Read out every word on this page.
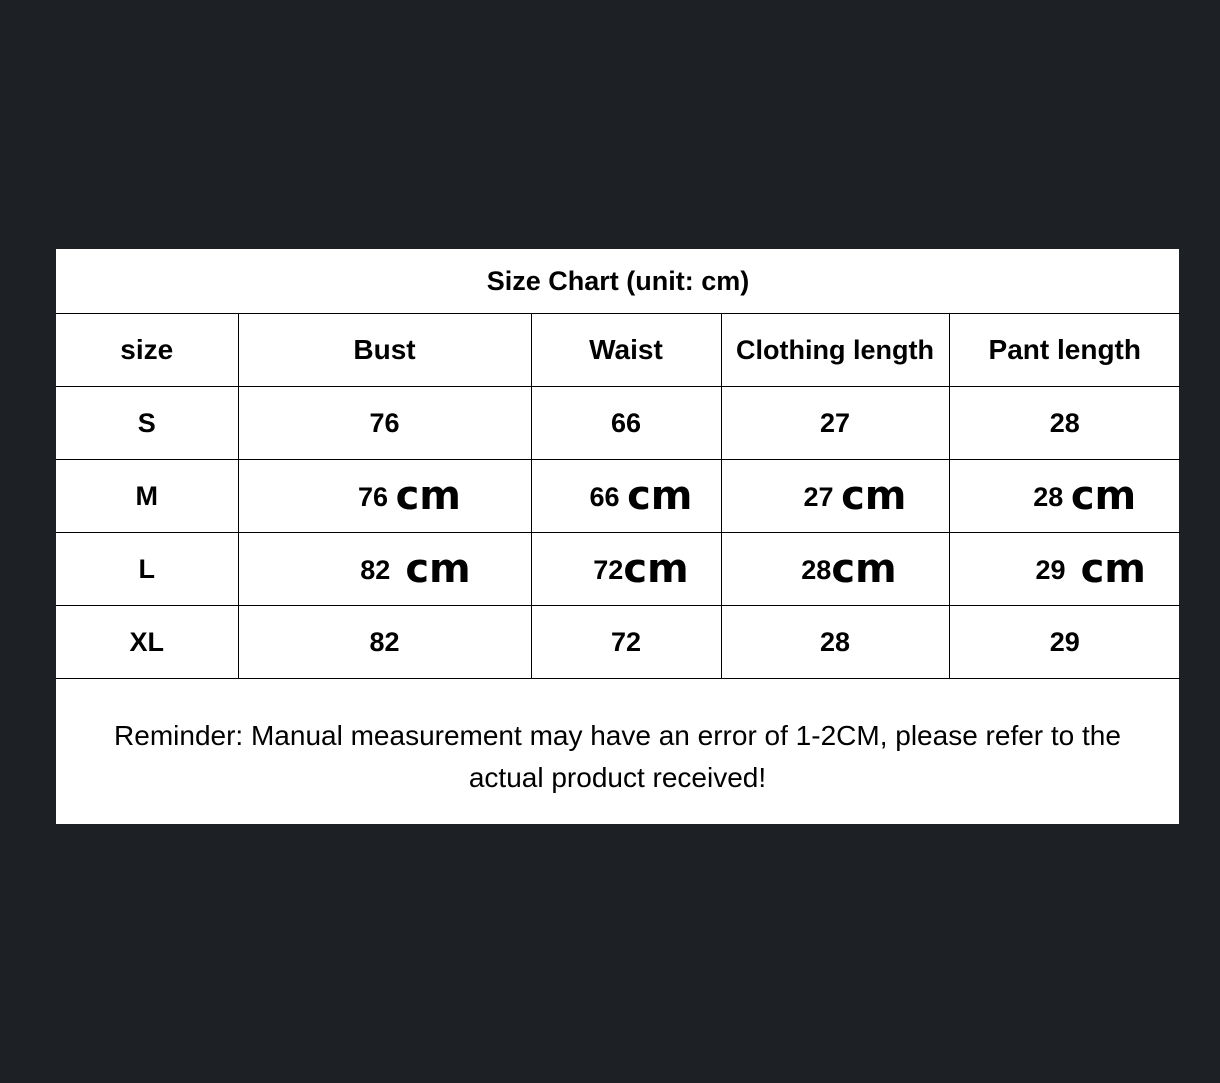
Size Chart (unit: cm)				
size	Bust	Waist	Clothing length	Pant length
S	76	66	27	28
M	76 cm	66 cm	27 cm	28 cm
L	82 cm	72cm	28cm	29 cm
XL	82	72	28	29
Reminder: Manual measurement may have an error of 1-2CM, please refer to the
actual product received!
